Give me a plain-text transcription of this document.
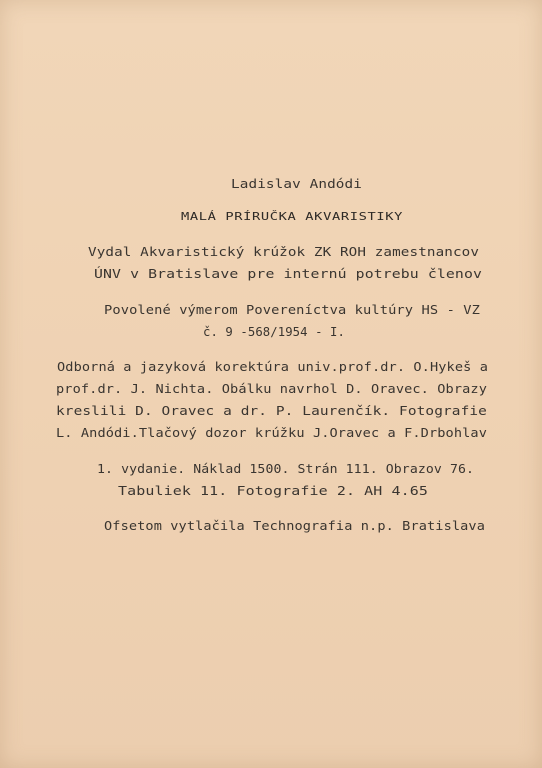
Ladislav Andódi
MALÁ PRÍRUČKA AKVARISTIKY
Vydal Akvaristický krúžok ZK ROH zamestnancov
ÚNV v Bratislave pre internú potrebu členov
Povolené výmerom Povereníctva kultúry HS - VZ
č. 9 -568/1954 - I.
Odborná a jazyková korektúra univ.prof.dr. O.Hykeš a
prof.dr. J. Nichta. Obálku navrhol D. Oravec. Obrazy
kreslili D. Oravec a dr. P. Laurenčík. Fotografie
L. Andódi.Tlačový dozor krúžku J.Oravec a F.Drbohlav
1. vydanie. Náklad 1500. Strán 111. Obrazov 76.
Tabuliek 11. Fotografie 2. AH 4.65
Ofsetom vytlačila Technografia n.p. Bratislava
